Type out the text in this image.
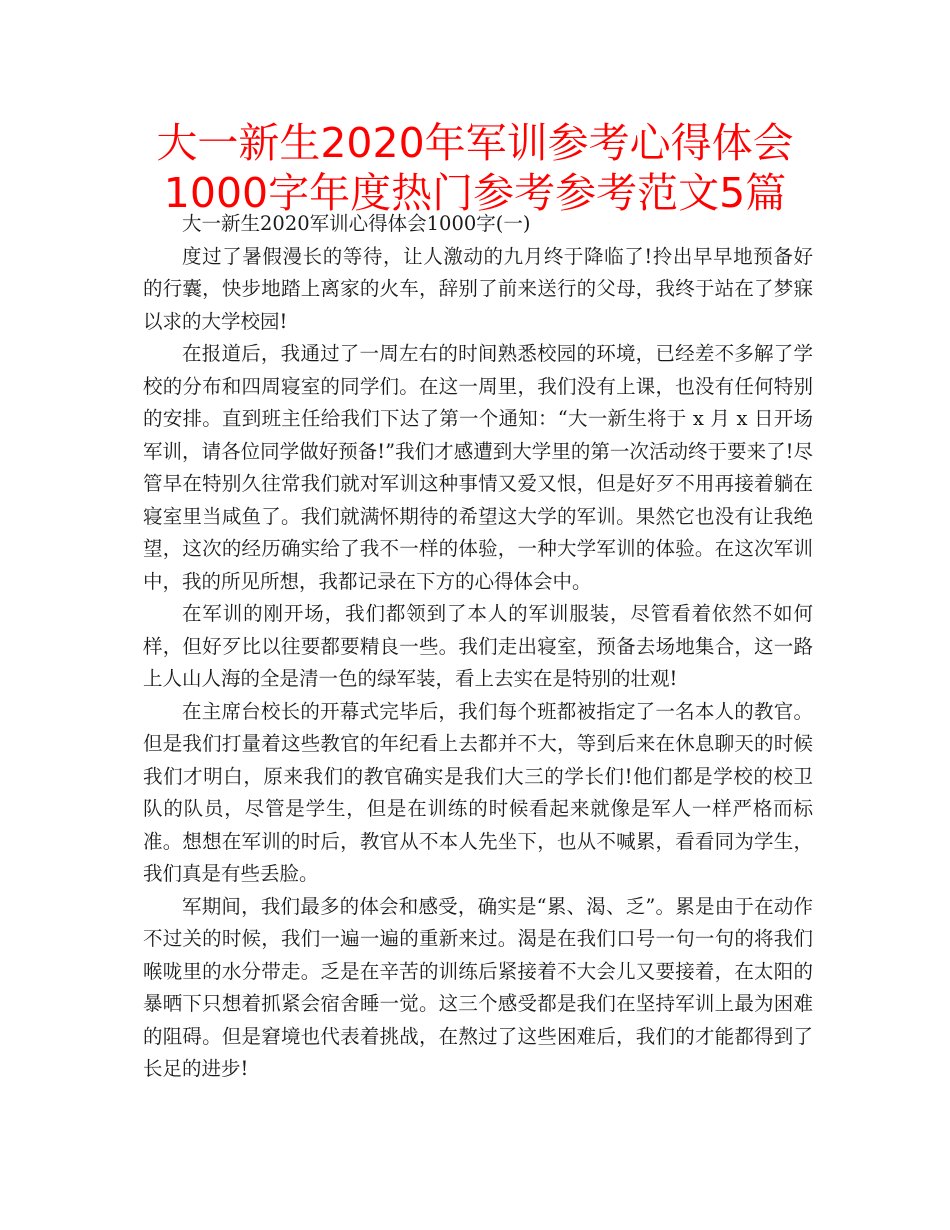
大一新生2020年军训参考心得体会1000字年度热门参考参考范文5篇

大一新生2020军训心得体会1000字(一)

度过了暑假漫长的等待，让人激动的九月终于降临了!拎出早早地预备好的行囊，快步地踏上离家的火车，辞别了前来送行的父母，我终于站在了梦寐以求的大学校园!

在报道后，我通过了一周左右的时间熟悉校园的环境，已经差不多解了学校的分布和四周寝室的同学们。在这一周里，我们没有上课，也没有任何特别的安排。直到班主任给我们下达了第一个通知：“大一新生将于 x 月 x 日开场军训，请各位同学做好预备!”我们才感遭到大学里的第一次活动终于要来了!尽管早在特别久往常我们就对军训这种事情又爱又恨，但是好歹不用再接着躺在寝室里当咸鱼了。我们就满怀期待的希望这大学的军训。果然它也没有让我绝望，这次的经历确实给了我不一样的体验，一种大学军训的体验。在这次军训中，我的所见所想，我都记录在下方的心得体会中。

在军训的刚开场，我们都领到了本人的军训服装，尽管看着依然不如何样，但好歹比以往要都要精良一些。我们走出寝室，预备去场地集合，这一路上人山人海的全是清一色的绿军装，看上去实在是特别的壮观!

在主席台校长的开幕式完毕后，我们每个班都被指定了一名本人的教官。但是我们打量着这些教官的年纪看上去都并不大，等到后来在休息聊天的时候我们才明白，原来我们的教官确实是我们大三的学长们!他们都是学校的校卫队的队员，尽管是学生，但是在训练的时候看起来就像是军人一样严格而标准。想想在军训的时后，教官从不本人先坐下，也从不喊累，看看同为学生，我们真是有些丢脸。

军期间，我们最多的体会和感受，确实是“累、渴、乏”。累是由于在动作不过关的时候，我们一遍一遍的重新来过。渴是在我们口号一句一句的将我们喉咙里的水分带走。乏是在辛苦的训练后紧接着不大会儿又要接着，在太阳的暴晒下只想着抓紧会宿舍睡一觉。这三个感受都是我们在坚持军训上最为困难的阻碍。但是窘境也代表着挑战，在熬过了这些困难后，我们的才能都得到了长足的进步!
